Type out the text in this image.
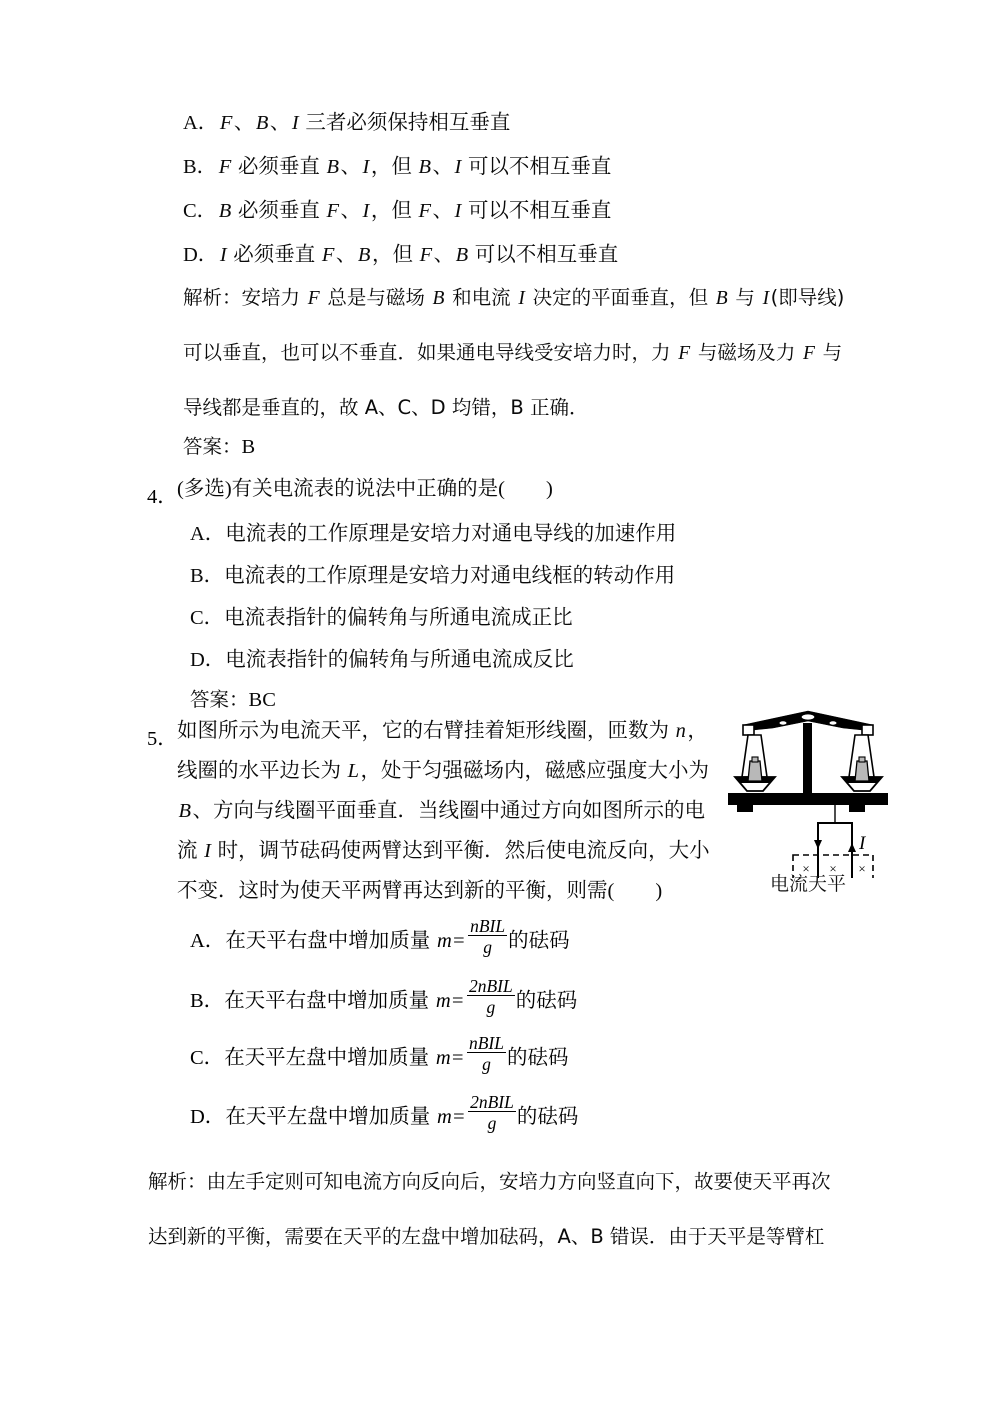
A．F、B、I 三者必须保持相互垂直
B．F 必须垂直 B、I，但 B、I 可以不相互垂直
C．B 必须垂直 F、I，但 F、I 可以不相互垂直
D．I 必须垂直 F、B，但 F、B 可以不相互垂直
解析：安培力 F 总是与磁场 B 和电流 I 决定的平面垂直，但 B 与 I(即导线)
可以垂直，也可以不垂直．如果通电导线受安培力时，力 F 与磁场及力 F 与
导线都是垂直的，故 A、C、D 均错，B 正确．
答案：B
4． (多选)有关电流表的说法中正确的是(　　)
A．电流表的工作原理是安培力对通电导线的加速作用
B．电流表的工作原理是安培力对通电线框的转动作用
C．电流表指针的偏转角与所通电流成正比
D．电流表指针的偏转角与所通电流成反比
答案：BC
5． 如图所示为电流天平，它的右臂挂着矩形线圈，匝数为 n，
线圈的水平边长为 L，处于匀强磁场内，磁感应强度大小为
B、方向与线圈平面垂直．当线圈中通过方向如图所示的电
流 I 时，调节砝码使两臂达到平衡．然后使电流反向，大小
不变．这时为使天平两臂再达到新的平衡，则需(　　)
I
× × ×
电流天平
A．在天平右盘中增加质量 $m= \frac{\text{nBIL}}{g}$ 的砝码
B．在天平右盘中增加质量 $m= \frac{\text{2nBIL}}{g}$ 的砝码
C．在天平左盘中增加质量 $m= \frac{\text{nBIL}}{g}$ 的砝码
D．在天平左盘中增加质量 $m= \frac{\text{2nBIL}}{g}$ 的砝码
解析：由左手定则可知电流方向反向后，安培力方向竖直向下，故要使天平再次
达到新的平衡，需要在天平的左盘中增加砝码，A、B 错误．由于天平是等臂杠
